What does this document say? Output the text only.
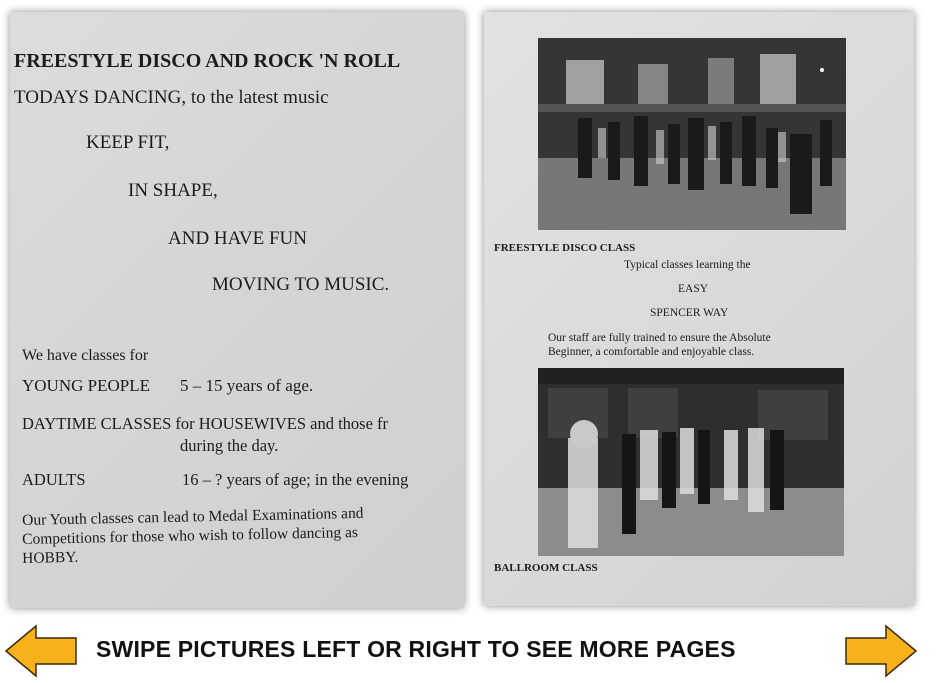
FREESTYLE DISCO AND ROCK 'N ROLL
TODAYS DANCING, to the latest music
KEEP FIT,
IN SHAPE,
AND HAVE FUN
MOVING TO MUSIC.
We have classes for
YOUNG PEOPLE 5 – 15 years of age.
DAYTIME CLASSES for HOUSEWIVES and those fr
during the day.
ADULTS	16 – ? years of age; in the evening
Our Youth classes can lead to Medal Examinations and
Competitions for those who wish to follow dancing as
HOBBY.
FREESTYLE DISCO CLASS
Typical classes learning the
EASY
SPENCER WAY
Our staff are fully trained to ensure the Absolute
Beginner, a comfortable and enjoyable class.
BALLROOM CLASS
SWIPE PICTURES LEFT OR RIGHT TO SEE MORE PAGES
